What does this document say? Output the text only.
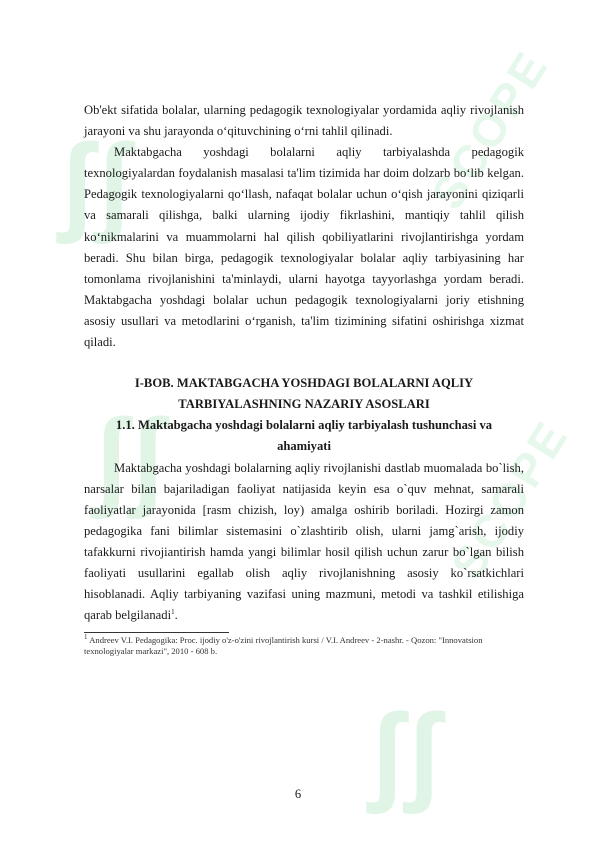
ʃʃ
ʃʃ
ʃʃ
SCOPE
SCOPE

Ob'ekt sifatida bolalar, ularning pedagogik texnologiyalar yordamida aqliy rivojlanish jarayoni va shu jarayonda o‘qituvchining o‘rni tahlil qilinadi.

Maktabgacha yoshdagi bolalarni aqliy tarbiyalashda pedagogik texnologiyalardan foydalanish masalasi ta'lim tizimida har doim dolzarb bo‘lib kelgan. Pedagogik texnologiyalarni qo‘llash, nafaqat bolalar uchun o‘qish jarayonini qiziqarli va samarali qilishga, balki ularning ijodiy fikrlashini, mantiqiy tahlil qilish ko‘nikmalarini va muammolarni hal qilish qobiliyatlarini rivojlantirishga yordam beradi. Shu bilan birga, pedagogik texnologiyalar bolalar aqliy tarbiyasining har tomonlama rivojlanishini ta'minlaydi, ularni hayotga tayyorlashga yordam beradi. Maktabgacha yoshdagi bolalar uchun pedagogik texnologiyalarni joriy etishning asosiy usullari va metodlarini o‘rganish, ta'lim tizimining sifatini oshirishga xizmat qiladi.

I-BOB. MAKTABGACHA YOSHDAGI BOLALARNI AQLIY
TARBIYALASHNING NAZARIY ASOSLARI
1.1. Maktabgacha yoshdagi bolalarni aqliy tarbiyalash tushunchasi va
ahamiyati

Maktabgacha yoshdagi bolalarning aqliy rivojlanishi dastlab muomalada bo`lish, narsalar bilan bajariladigan faoliyat natijasida keyin esa o`quv mehnat, samarali faoliyatlar jarayonida [rasm chizish, loy) amalga oshirib boriladi. Hozirgi zamon pedagogika fani bilimlar sistemasini o`zlashtirib olish, ularni jamg`arish, ijodiy tafakkurni rivojiantirish hamda yangi bilimlar hosil qilish uchun zarur bo`lgan bilish faoliyati usullarini egallab olish aqliy rivojlanishning asosiy ko`rsatkichlari hisoblanadi. Aqliy tarbiyaning vazifasi uning mazmuni, metodi va tashkil etilishiga qarab belgilanadi$^1$.

$^1$ Andreev V.I. Pedagogika: Proc. ijodiy o'z-o'zini rivojlantirish kursi / V.I. Andreev - 2-nashr. - Qozon: "Innovatsion texnologiyalar markazi", 2010 - 608 b.
6
